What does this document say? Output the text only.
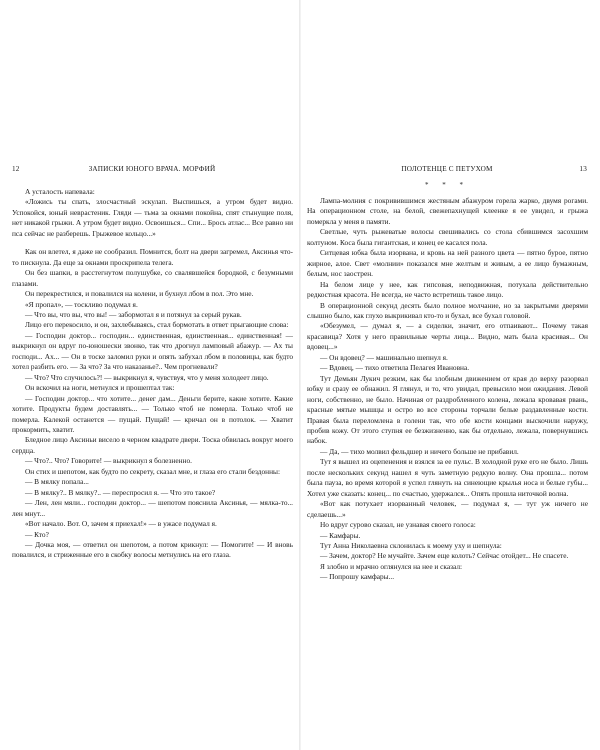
ЗАПИСКИ ЮНОГО ВРАЧА. МОРФИЙ
12

А усталость напевала:

«Ложись ты спать, злосчастный эскулап. Выспишься, а утром будет видно. Успокойся, юный неврастеник. Гляди — тьма за окнами покойна, спят стынущие поля, нет никакой грыжи. А утром будет видно. Освоишься... Спи... Брось атлас... Все равно ни пса сейчас не разберешь. Грыжевое кольцо...»

Как он влетел, я даже не сообразил. Помнится, болт на двери загремел, Аксинья что-то пискнула. Да еще за окнами проскрипела телега.

Он без шапки, в расстегнутом полушубке, со свалявшейся бородкой, с безумными глазами.

Он перекрестился, и повалился на колени, и бухнул лбом в пол. Это мне.

«Я пропал», — тоскливо подумал я.

— Что вы, что вы, что вы! — забормотал я и потянул за серый рукав.

Лицо его перекосило, и он, захлебываясь, стал бормотать в ответ прыгающие слова:

— Господин доктор... господин... единственная, единственная... единственная! — выкрикнул он вдруг по-юношески звонко, так что дрогнул ламповый абажур. — Ах ты господи... Ах... — Он в тоске заломил руки и опять забухал лбом в половицы, как будто хотел разбить его. — За что? За что наказанье?.. Чем прогневали?

— Что? Что случилось?! — выкрикнул я, чувствуя, что у меня холодеет лицо.

Он вскочил на ноги, метнулся и прошептал так:

— Господин доктор... что хотите... денег дам... Деньги берите, какие хотите. Какие хотите. Продукты будем доставлять... — Только чтоб не померла. Только чтоб не померла. Калекой останется — пущай. Пущай! — кричал он в потолок. — Хватит прокормить, хватит.

Бледное лицо Аксиньи висело в черном квадрате двери. Тоска обвилась вокруг моего сердца.

— Что?.. Что? Говорите! — выкрикнул я болезненно.

Он стих и шепотом, как будто по секрету, сказал мне, и глаза его стали бездонны:

— В мялку попала...

— В мялку?.. В мялку?.. — переспросил я. — Что это такое?

— Лен, лен мяли... господин доктор... — шепотом пояснила Аксинья, — мялка-то... лен мнут...

«Вот начало. Вот. О, зачем я приехал!» — в ужасе подумал я.

— Кто?

— Дочка моя, — ответил он шепотом, а потом крикнул: — Помогите! — И вновь повалился, и стриженные его в скобку волосы метнулись на его глаза.

ПОЛОТЕНЦЕ С ПЕТУХОМ	13
* * *

Лампа-молния с покривившимся жестяным абажуром горела жарко, двумя рогами. На операционном столе, на белой, свежепахнущей клеенке я ее увидел, и грыжа померкла у меня в памяти.

Светлые, чуть рыжеватые волосы свешивались со стола сбившимся засохшим колтуном. Коса была гигантская, и конец ее касался пола.

Ситцевая юбка была изорвана, и кровь на ней разного цвета — пятно бурое, пятно жирное, алое. Свет «молнии» показался мне желтым и живым, а ее лицо бумажным, белым, нос заострен.

На белом лице у нее, как гипсовая, неподвижная, потухала действительно редкостная красота. Не всегда, не часто встретишь такое лицо.

В операционной секунд десять было полное молчание, но за закрытыми дверями слышно было, как глухо выкрикивал кто-то и бухал, все бухал головой.

«Обезумел, — думал я, — а сиделки, значит, его отпаивают... Почему такая красавица? Хотя у него правильные черты лица... Видно, мать была красивая... Он вдовец...»

— Он вдовец? — машинально шепнул я.

— Вдовец, — тихо ответила Пелагея Ивановна.

Тут Демьян Лукич резким, как бы злобным движением от края до верху разорвал юбку и сразу ее обнажил. Я глянул, и то, что увидал, превысило мои ожидания. Левой ноги, собственно, не было. Начиная от раздробленного колена, лежала кровавая рвань, красные мятые мышцы и остро во все стороны торчали белые раздавленные кости. Правая была переломлена в голени так, что обе кости концами выскочили наружу, пробив кожу. От этого ступня ее безжизненно, как бы отдельно, лежала, повернувшись набок.

— Да, — тихо молвил фельдшер и ничего больше не прибавил.

Тут я вышел из оцепенения и взялся за ее пульс. В холодной руке его не было. Лишь после нескольких секунд нашел я чуть заметную редкую волну. Она прошла... потом была пауза, во время которой я успел глянуть на синеющие крылья носа и белые губы... Хотел уже сказать: конец... по счастью, удержался... Опять прошла ниточкой волна.

«Вот как потухает изорванный человек, — подумал я, — тут уж ничего не сделаешь...»

Но вдруг сурово сказал, не узнавая своего голоса:

— Камфары.

Тут Анна Николаевна склонилась к моему уху и шепнула:

— Зачем, доктор? Не мучайте. Зачем еще колоть? Сейчас отойдет... Не спасете.

Я злобно и мрачно оглянулся на нее и сказал:

— Попрошу камфары...
